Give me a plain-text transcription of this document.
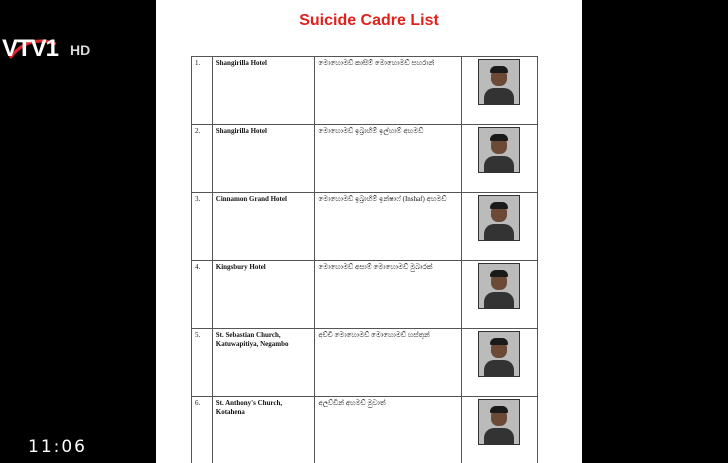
VTV1 HD
11:06
Suicide Cadre List
1.	Shangirilla Hotel	මොහොමඩ් කාසිම් මොහොමඩ් සහරාන්	

2.	Shangirilla Hotel	මොහොමඩ් ඉබ්‍රාහිම් ඉල්හාම් අහමඩ්	

3.	Cinnamon Grand Hotel	මොහොමඩ් ඉබ්‍රාහිම් ඉන්ෂාෆ් (Inshaf) අහමඩ්	

4.	Kingsbury Hotel	මොහොමඩ් අසාම් මොහොමඩ් මුබාරක්	

5.	St. Sebastian Church, Katuwapitiya, Negambo	අච්චි මොහොමඩ් මොහොමඩ් හස්තුන්	

6.	St. Anthony's Church, Kotahena	අලව්ඩින් අහමඩ් මුවාත්	
